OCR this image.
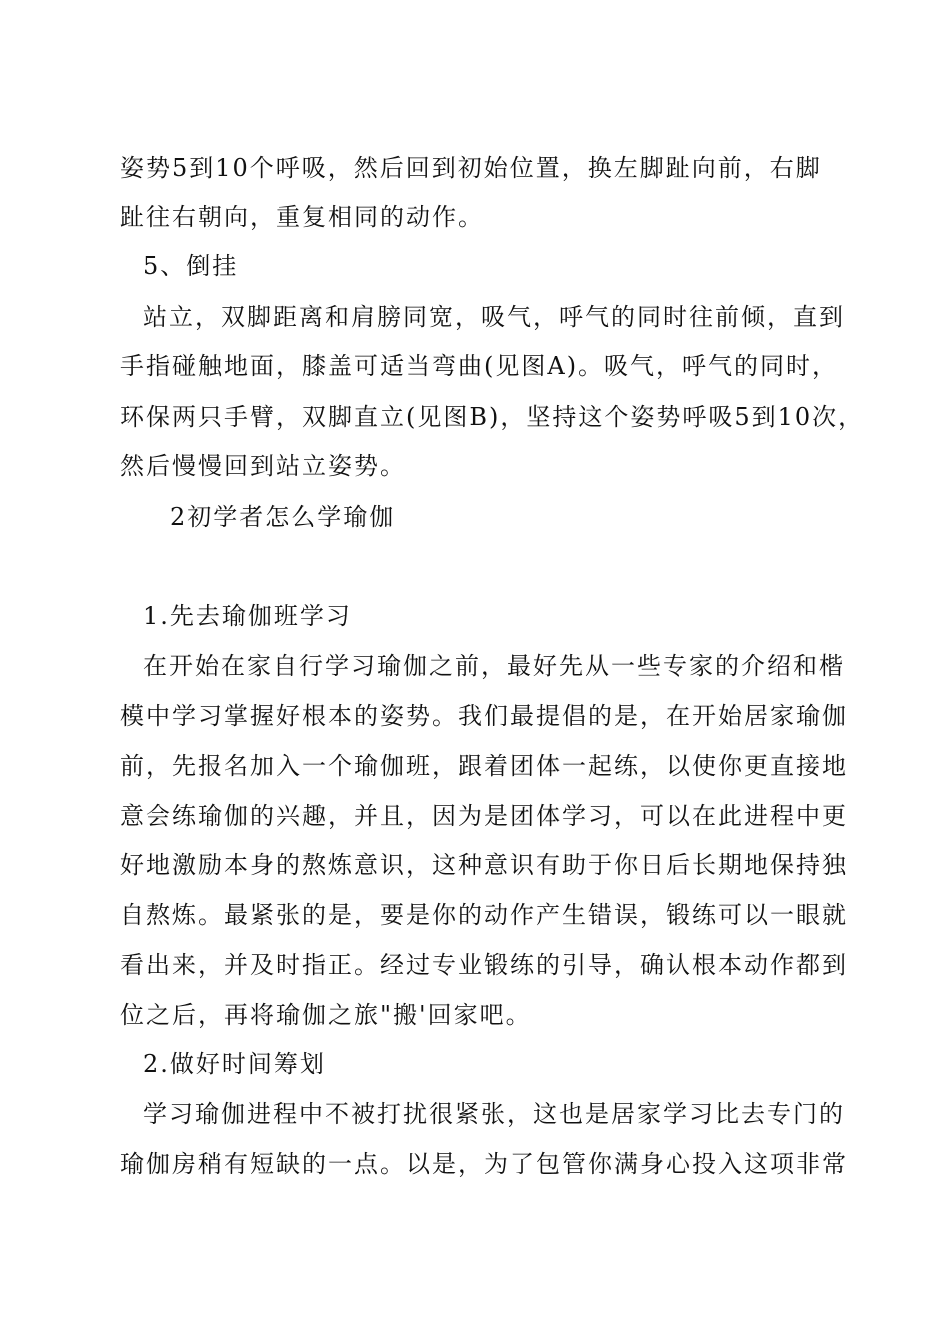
姿势5到10个呼吸，然后回到初始位置，换左脚趾向前，右脚
趾往右朝向，重复相同的动作。
5、倒挂
站立，双脚距离和肩膀同宽，吸气，呼气的同时往前倾，直到
手指碰触地面，膝盖可适当弯曲(见图A)。吸气，呼气的同时，
环保两只手臂，双脚直立(见图B)，坚持这个姿势呼吸5到10次，
然后慢慢回到站立姿势。
2初学者怎么学瑜伽
1.先去瑜伽班学习
在开始在家自行学习瑜伽之前，最好先从一些专家的介绍和楷
模中学习掌握好根本的姿势。我们最提倡的是，在开始居家瑜伽
前，先报名加入一个瑜伽班，跟着团体一起练，以使你更直接地
意会练瑜伽的兴趣，并且，因为是团体学习，可以在此进程中更
好地激励本身的熬炼意识，这种意识有助于你日后长期地保持独
自熬炼。最紧张的是，要是你的动作产生错误，锻练可以一眼就
看出来，并及时指正。经过专业锻练的引导，确认根本动作都到
位之后，再将瑜伽之旅"搬'回家吧。
2.做好时间筹划
学习瑜伽进程中不被打扰很紧张，这也是居家学习比去专门的
瑜伽房稍有短缺的一点。以是，为了包管你满身心投入这项非常
